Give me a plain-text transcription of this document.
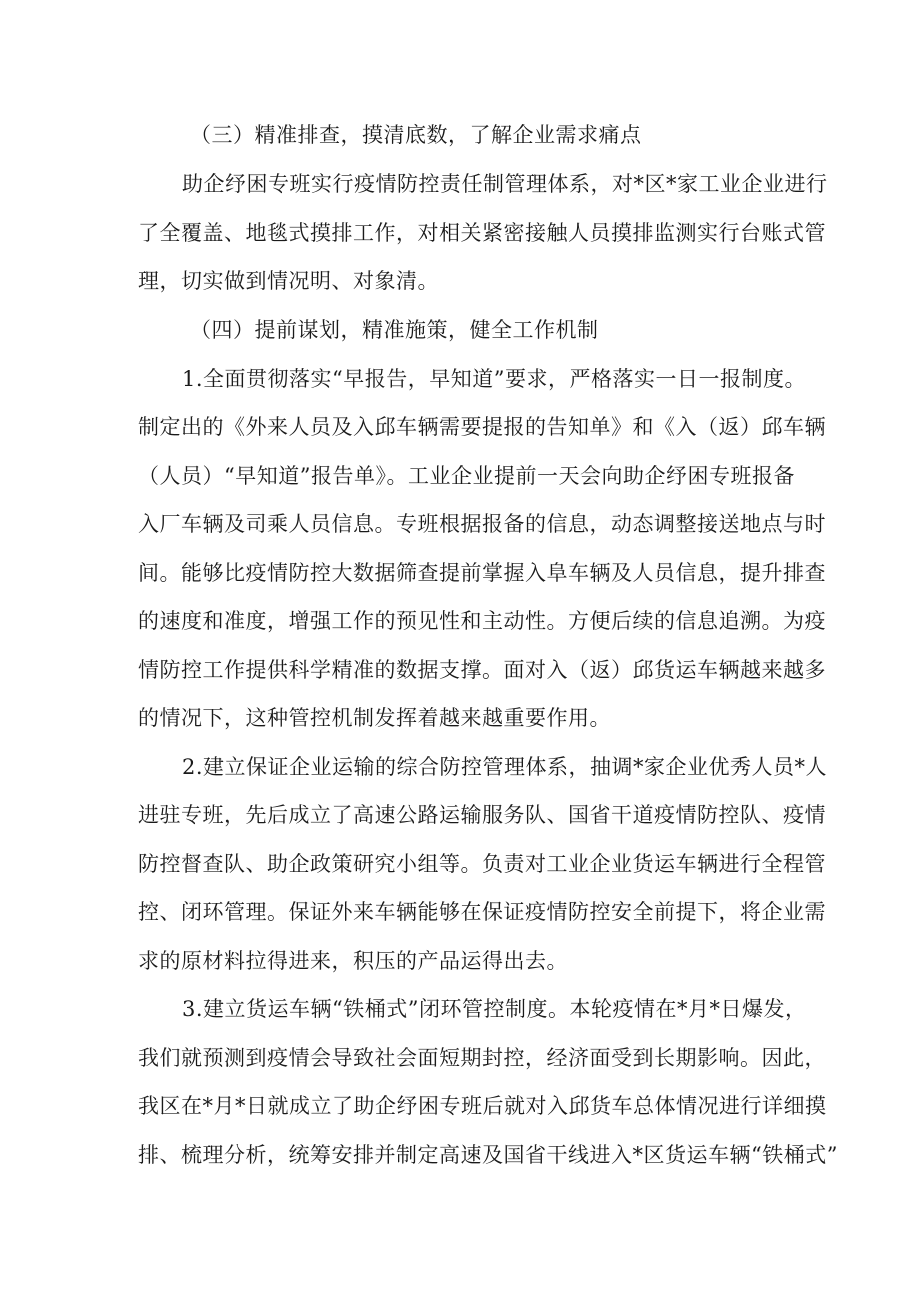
（三）精准排查，摸清底数，了解企业需求痛点
助企纾困专班实行疫情防控责任制管理体系，对*区*家工业企业进行
了全覆盖、地毯式摸排工作，对相关紧密接触人员摸排监测实行台账式管
理，切实做到情况明、对象清。
（四）提前谋划，精准施策，健全工作机制
1.全面贯彻落实“早报告，早知道”要求，严格落实一日一报制度。
制定出的《外来人员及入邱车辆需要提报的告知单》和《入（返）邱车辆
（人员）“早知道”报告单》。工业企业提前一天会向助企纾困专班报备
入厂车辆及司乘人员信息。专班根据报备的信息，动态调整接送地点与时
间。能够比疫情防控大数据筛查提前掌握入阜车辆及人员信息，提升排查
的速度和准度，增强工作的预见性和主动性。方便后续的信息追溯。为疫
情防控工作提供科学精准的数据支撑。面对入（返）邱货运车辆越来越多
的情况下，这种管控机制发挥着越来越重要作用。
2.建立保证企业运输的综合防控管理体系，抽调*家企业优秀人员*人
进驻专班，先后成立了高速公路运输服务队、国省干道疫情防控队、疫情
防控督查队、助企政策研究小组等。负责对工业企业货运车辆进行全程管
控、闭环管理。保证外来车辆能够在保证疫情防控安全前提下，将企业需
求的原材料拉得进来，积压的产品运得出去。
3.建立货运车辆“铁桶式”闭环管控制度。本轮疫情在*月*日爆发，
我们就预测到疫情会导致社会面短期封控，经济面受到长期影响。因此，
我区在*月*日就成立了助企纾困专班后就对入邱货车总体情况进行详细摸
排、梳理分析，统筹安排并制定高速及国省干线进入*区货运车辆“铁桶式”
